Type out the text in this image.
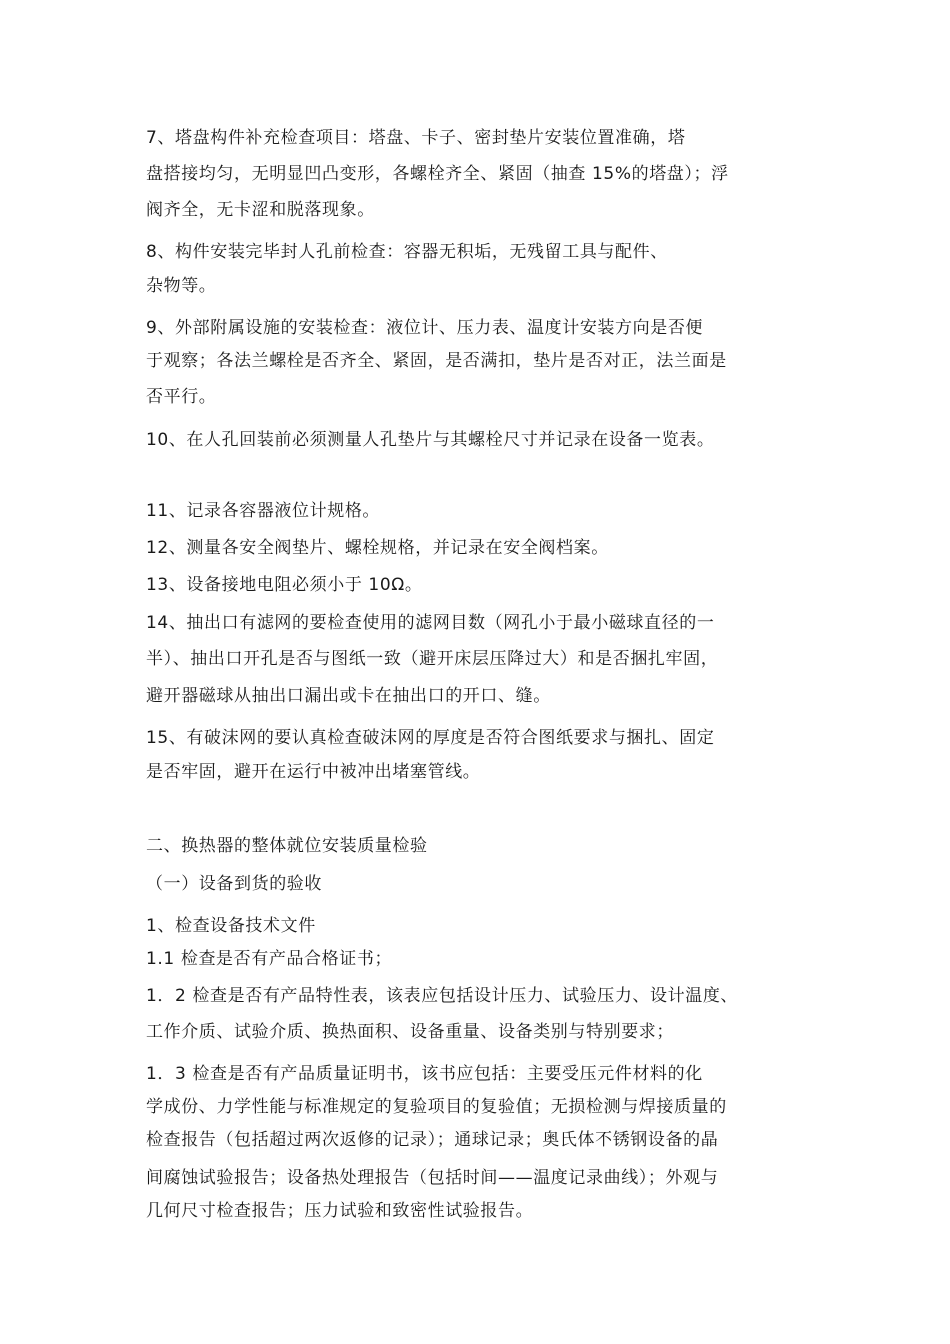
7、塔盘构件补充检查项目：塔盘、卡子、密封垫片安装位置准确，塔
盘搭接均匀，无明显凹凸变形，各螺栓齐全、紧固（抽查 15%的塔盘）；浮
阀齐全，无卡涩和脱落现象。
8、构件安装完毕封人孔前检查：容器无积垢，无残留工具与配件、
杂物等。
9、外部附属设施的安装检查：液位计、压力表、温度计安装方向是否便
于观察；各法兰螺栓是否齐全、紧固，是否满扣，垫片是否对正，法兰面是
否平行。
10、在人孔回装前必须测量人孔垫片与其螺栓尺寸并记录在设备一览表。
11、记录各容器液位计规格。
12、测量各安全阀垫片、螺栓规格，并记录在安全阀档案。
13、设备接地电阻必须小于 10Ω。
14、抽出口有滤网的要检查使用的滤网目数（网孔小于最小磁球直径的一
半）、抽出口开孔是否与图纸一致（避开床层压降过大）和是否捆扎牢固，
避开器磁球从抽出口漏出或卡在抽出口的开口、缝。
15、有破沫网的要认真检查破沫网的厚度是否符合图纸要求与捆扎、固定
是否牢固，避开在运行中被冲出堵塞管线。
二、换热器的整体就位安装质量检验
（一）设备到货的验收
1、检查设备技术文件
1.1 检查是否有产品合格证书；
1．2 检查是否有产品特性表，该表应包括设计压力、试验压力、设计温度、
工作介质、试验介质、换热面积、设备重量、设备类别与特别要求；
1．3 检查是否有产品质量证明书，该书应包括：主要受压元件材料的化
学成份、力学性能与标准规定的复验项目的复验值；无损检测与焊接质量的
检查报告（包括超过两次返修的记录）；通球记录；奥氏体不锈钢设备的晶
间腐蚀试验报告；设备热处理报告（包括时间——温度记录曲线）；外观与
几何尺寸检查报告；压力试验和致密性试验报告。
